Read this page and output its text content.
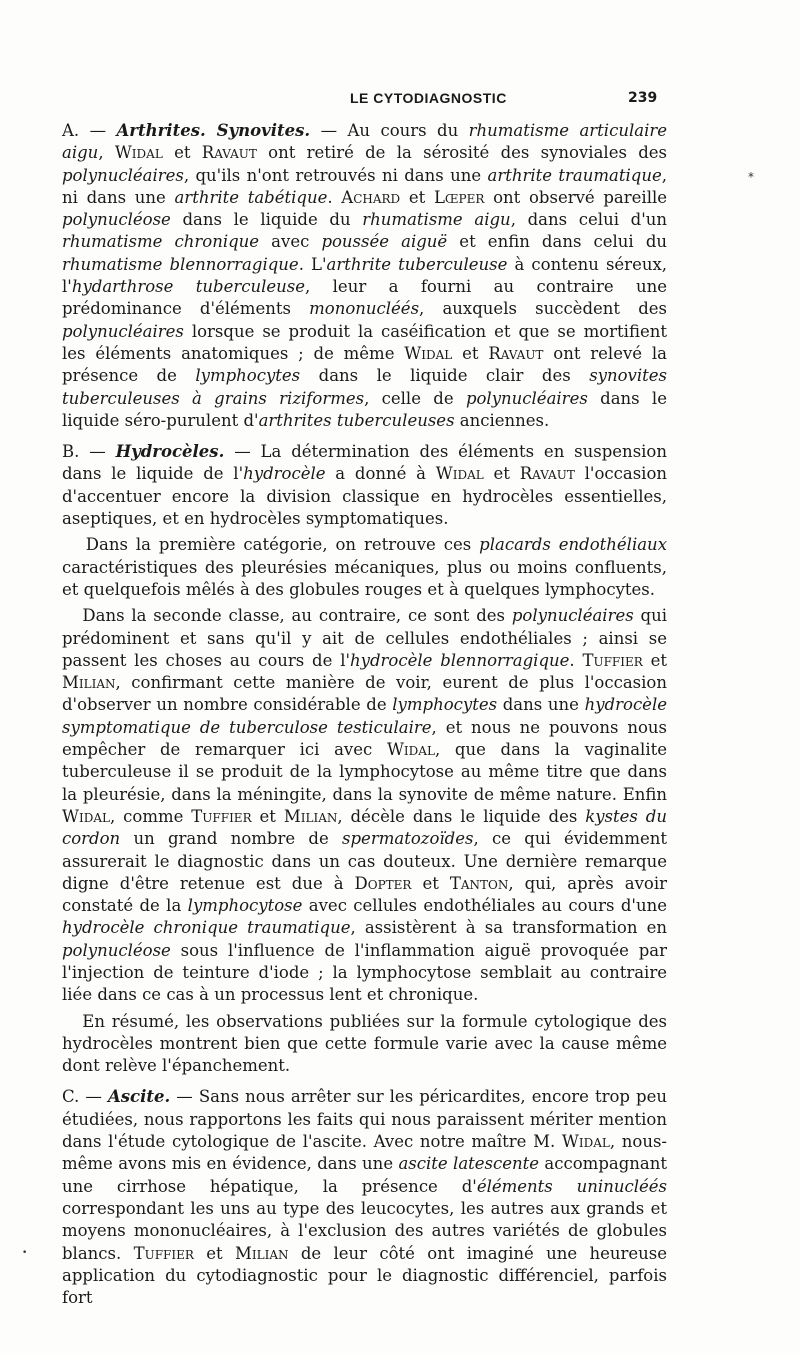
LE CYTODIAGNOSTIC	239
*
•

A. — Arthrites. Synovites. — Au cours du rhumatisme articulaire aigu, Widal et Ravaut ont retiré de la sérosité des synoviales des polynucléaires, qu'ils n'ont retrouvés ni dans une arthrite traumatique, ni dans une arthrite tabétique. Achard et Lœper ont observé pareille polynucléose dans le liquide du rhumatisme aigu, dans celui d'un rhumatisme chronique avec poussée aiguë et enfin dans celui du rhumatisme blennorragique. L'arthrite tuberculeuse à contenu séreux, l'hydarthrose tuberculeuse, leur a fourni au contraire une prédominance d'éléments mononucléés, auxquels succèdent des polynucléaires lorsque se produit la caséification et que se mortifient les éléments anatomiques ; de même Widal et Ravaut ont relevé la présence de lymphocytes dans le liquide clair des synovites tuberculeuses à grains riziformes, celle de polynucléaires dans le liquide séro-purulent d'arthrites tuberculeuses anciennes.

B. — Hydrocèles. — La détermination des éléments en suspension dans le liquide de l'hydrocèle a donné à Widal et Ravaut l'occasion d'accentuer encore la division classique en hydrocèles essentielles, aseptiques, et en hydrocèles symptomatiques.

Dans la première catégorie, on retrouve ces placards endothéliaux caractéristiques des pleurésies mécaniques, plus ou moins confluents, et quelquefois mêlés à des globules rouges et à quelques lymphocytes.

Dans la seconde classe, au contraire, ce sont des polynucléaires qui prédominent et sans qu'il y ait de cellules endothéliales ; ainsi se passent les choses au cours de l'hydrocèle blennorragique. Tuffier et Milian, confirmant cette manière de voir, eurent de plus l'occasion d'observer un nombre considérable de lymphocytes dans une hydrocèle symptomatique de tuberculose testiculaire, et nous ne pouvons nous empêcher de remarquer ici avec Widal, que dans la vaginalite tuberculeuse il se produit de la lymphocytose au même titre que dans la pleurésie, dans la méningite, dans la synovite de même nature. Enfin Widal, comme Tuffier et Milian, décèle dans le liquide des kystes du cordon un grand nombre de spermatozoïdes, ce qui évidemment assurerait le diagnostic dans un cas douteux. Une dernière remarque digne d'être retenue est due à Dopter et Tanton, qui, après avoir constaté de la lymphocytose avec cellules endothéliales au cours d'une hydrocèle chronique traumatique, assistèrent à sa transformation en polynucléose sous l'influence de l'inflammation aiguë provoquée par l'injection de teinture d'iode ; la lymphocytose semblait au contraire liée dans ce cas à un processus lent et chronique.

En résumé, les observations publiées sur la formule cytologique des hydrocèles montrent bien que cette formule varie avec la cause même dont relève l'épanchement.

C. — Ascite. — Sans nous arrêter sur les péricardites, encore trop peu étudiées, nous rapportons les faits qui nous paraissent mériter mention dans l'étude cytologique de l'ascite. Avec notre maître M. Widal, nous-même avons mis en évidence, dans une ascite latescente accompagnant une cirrhose hépatique, la présence d'éléments uninucléés correspondant les uns au type des leucocytes, les autres aux grands et moyens mononucléaires, à l'exclusion des autres variétés de globules blancs. Tuffier et Milian de leur côté ont imaginé une heureuse application du cytodiagnostic pour le diagnostic différenciel, parfois fort
